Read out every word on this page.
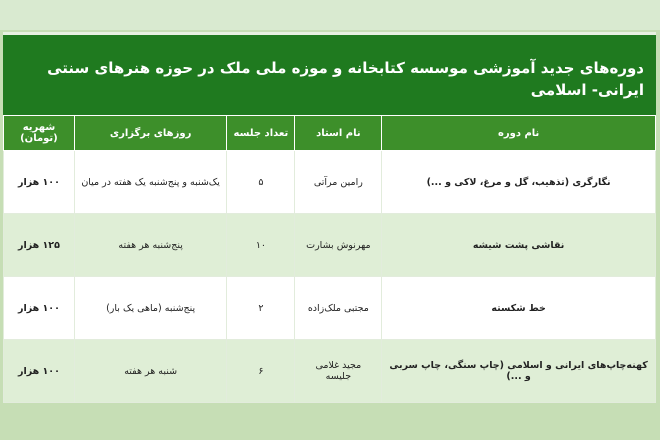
دوره‌های جدید آموزشی موسسه کتابخانه و موزه ملی ملک در حوزه هنرهای سنتی ایرانی- اسلامی
نام دوره	نام استاد	تعداد جلسه	روزهای برگزاری	شهریه (تومان)
نگارگری (تذهیب، گل و مرغ، لاکی و ...)	رامین مرآتی	۵	یک‌شنبه و پنج‌شنبه یک هفته در میان	۱۰۰ هزار
نقاشی پشت شیشه	مهرنوش بشارت	۱۰	پنج‌شنبه هر هفته	۱۲۵ هزار
خط شکسته	مجتبی ملک‌زاده	۲	پنج‌شنبه (ماهی یک بار)	۱۰۰ هزار
کهنه‌چاپ‌های ایرانی و اسلامی (چاپ سنگی، چاپ سربی و ...)	مجید غلامی جلیسه	۶	شنبه هر هفته	۱۰۰ هزار
